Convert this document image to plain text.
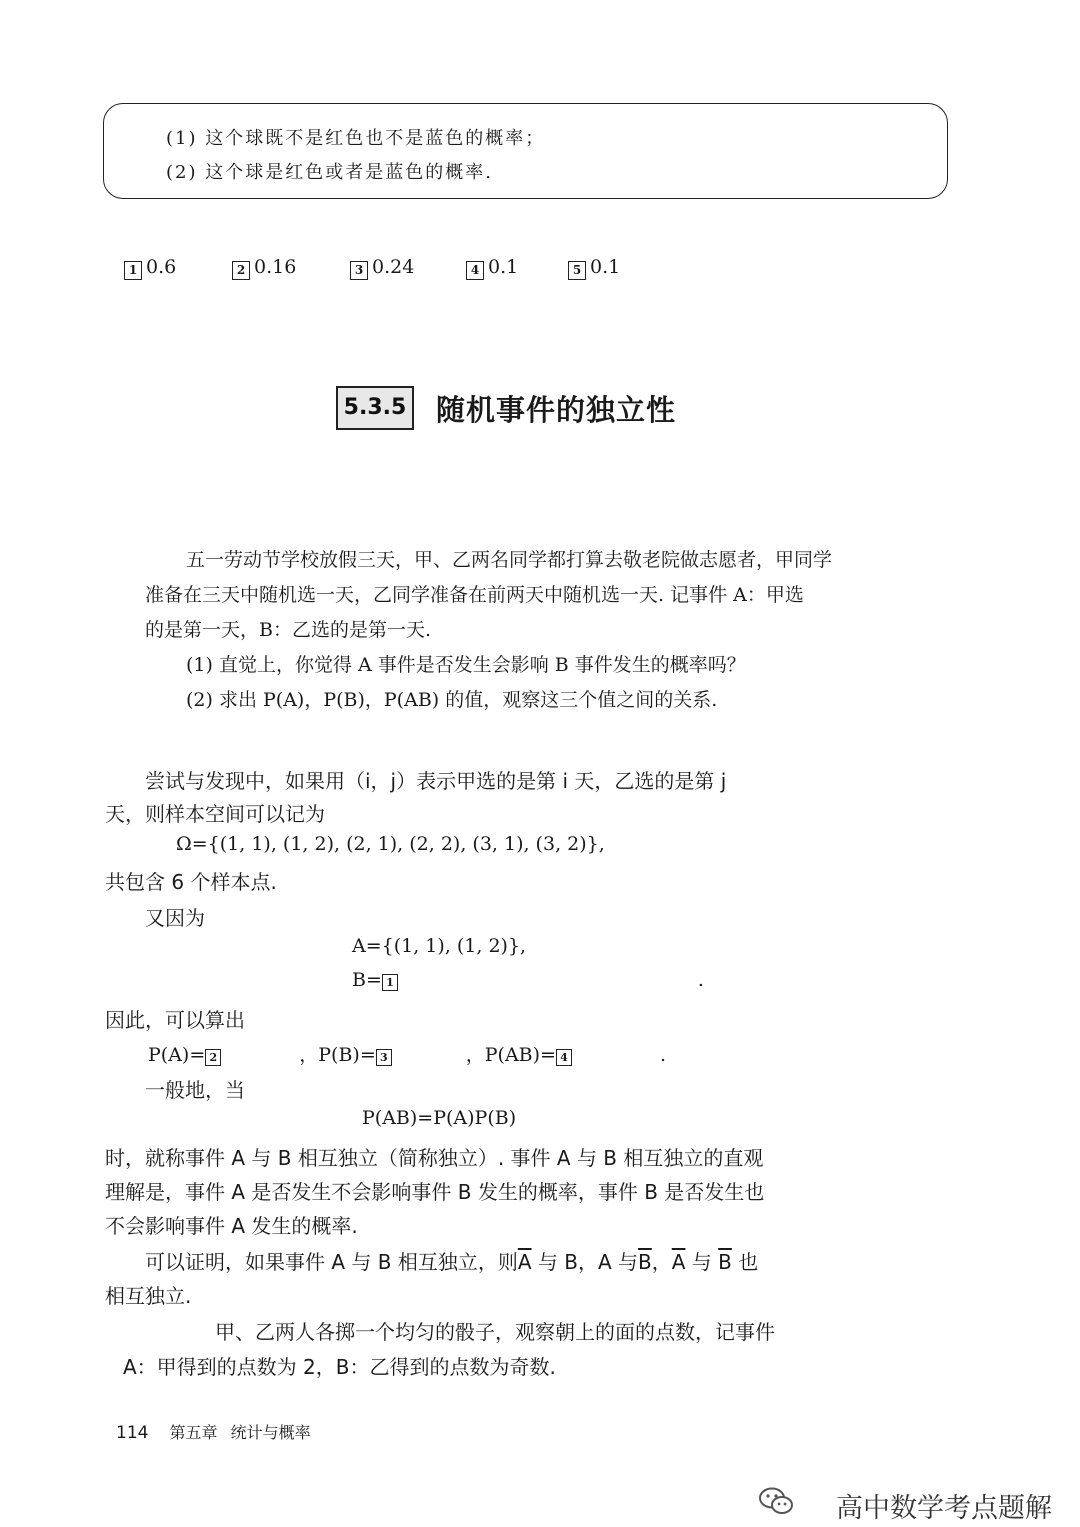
(1) 这个球既不是红色也不是蓝色的概率；

(2) 这个球是红色或者是蓝色的概率.

1 0.6	2 0.16	3 0.24	4 0.1	5 0.1
5.3.5 随机事件的独立性
五一劳动节学校放假三天，甲、乙两名同学都打算去敬老院做志愿者，甲同学
准备在三天中随机选一天，乙同学准备在前两天中随机选一天. 记事件 A：甲选
的是第一天，B：乙选的是第一天.
(1) 直觉上，你觉得 A 事件是否发生会影响 B 事件发生的概率吗？
(2) 求出 P(A)，P(B)，P(AB) 的值，观察这三个值之间的关系.
尝试与发现中，如果用（i，j）表示甲选的是第 i 天，乙选的是第 j
天，则样本空间可以记为
Ω={(1, 1), (1, 2), (2, 1), (2, 2), (3, 1), (3, 2)},
共包含 6 个样本点.
又因为
A={(1, 1), (1, 2)},
B= 1	.
因此，可以算出
P(A)= 2	，P(B)= 3	，P(AB)= 4	.
一般地，当
P(AB)=P(A)P(B)
时，就称事件 A 与 B 相互独立（简称独立）. 事件 A 与 B 相互独立的直观
理解是，事件 A 是否发生不会影响事件 B 发生的概率，事件 B 是否发生也
不会影响事件 A 发生的概率.
可以证明，如果事件 A 与 B 相互独立，则$\overline{A}$ 与 B，A 与$\overline{B}$，$\overline{A}$ 与 $\overline{B}$ 也
相互独立.
甲、乙两人各掷一个均匀的骰子，观察朝上的面的点数，记事件
A：甲得到的点数为 2，B：乙得到的点数为奇数.
114 第五章 统计与概率
高中数学考点题解
